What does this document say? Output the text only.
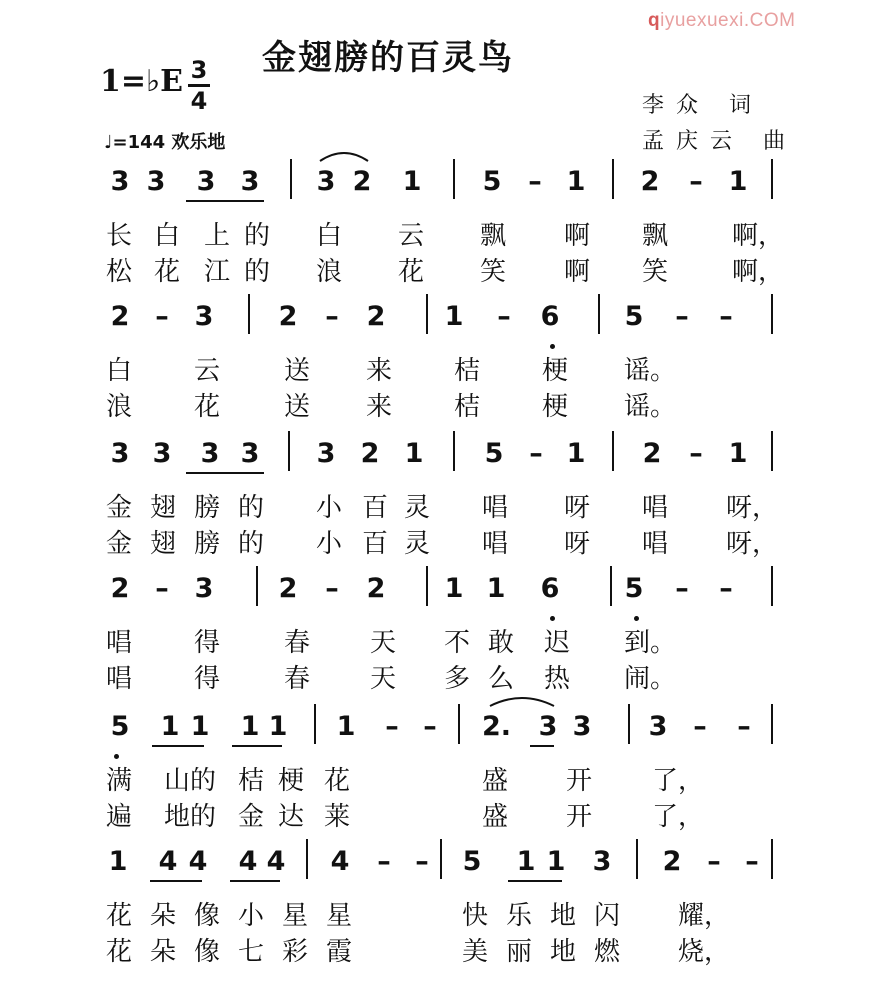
qiyuexuexi.COM
金翅膀的百灵鸟
1=♭E 3
4	李众 词
孟庆云 曲
♩=144 欢乐地
3 3 3 3 3 2 1 5 – 1 2 – 1
长 白 上 的 白 云 飘 啊 飘 啊，
松 花 江 的 浪 花 笑 啊 笑 啊，
2 – 3 2 – 2 1 – 6 5 – –
白 云 送 来 桔 梗 谣。
浪 花 送 来 桔 梗 谣。
3 3 3 3 3 2 1 5 – 1 2 – 1
金 翅 膀 的 小 百 灵 唱 呀 唱 呀，
金 翅 膀 的 小 百 灵 唱 呀 唱 呀，
2 – 3 2 – 2 1 1 6 5 – –
唱 得 春 天 不 敢 迟 到。
唱 得 春 天 多 么 热 闹。
5 1 1 1 1 1 – – 2. 3 3 3 – –
满 山的 桔 梗 花	盛 开 了，
遍 地的 金 达 莱	盛 开 了，
1 4 4 4 4 4 – – 5 1 1 3 2 – –
花 朵 像 小 星 星	快 乐 地 闪 耀，
花 朵 像 七 彩 霞	美 丽 地 燃 烧，
